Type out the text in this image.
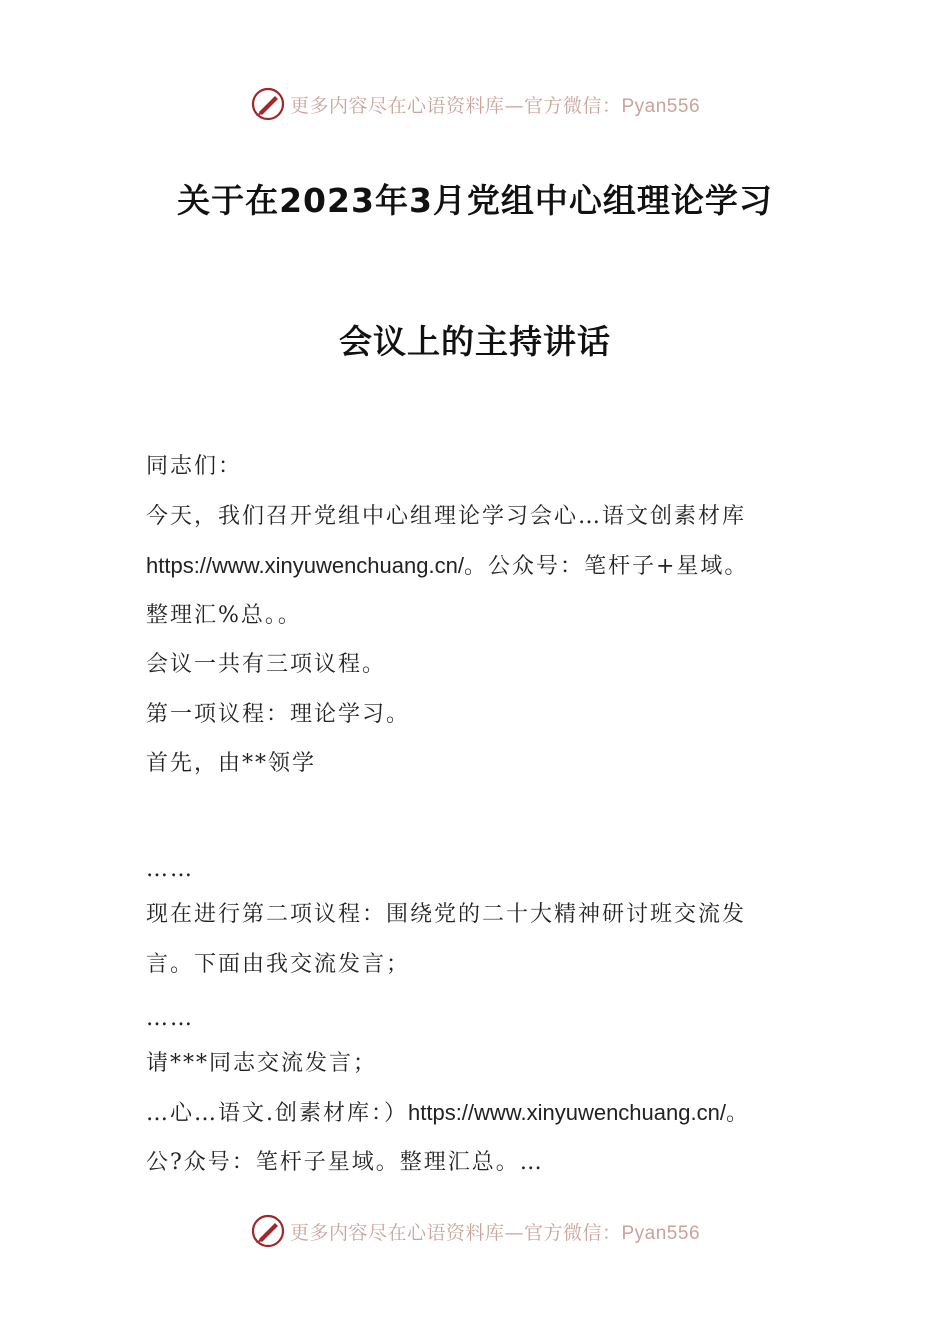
更多内容尽在心语资料库—官方微信：Pyan556
关于在2023年3月党组中心组理论学习
会议上的主持讲话
同志们：
今天，我们召开党组中心组理论学习会心…语文创素材库
https://www.xinyuwenchuang.cn/。公众号：笔杆子+星域。
整理汇%总。。
会议一共有三项议程。
第一项议程：理论学习。
首先，由**领学
……
现在进行第二项议程：围绕党的二十大精神研讨班交流发
言。下面由我交流发言；
……
请***同志交流发言；
…心…语文.创素材库：）https://www.xinyuwenchuang.cn/。
公?众号：笔杆子星域。整理汇总。…
更多内容尽在心语资料库—官方微信：Pyan556
